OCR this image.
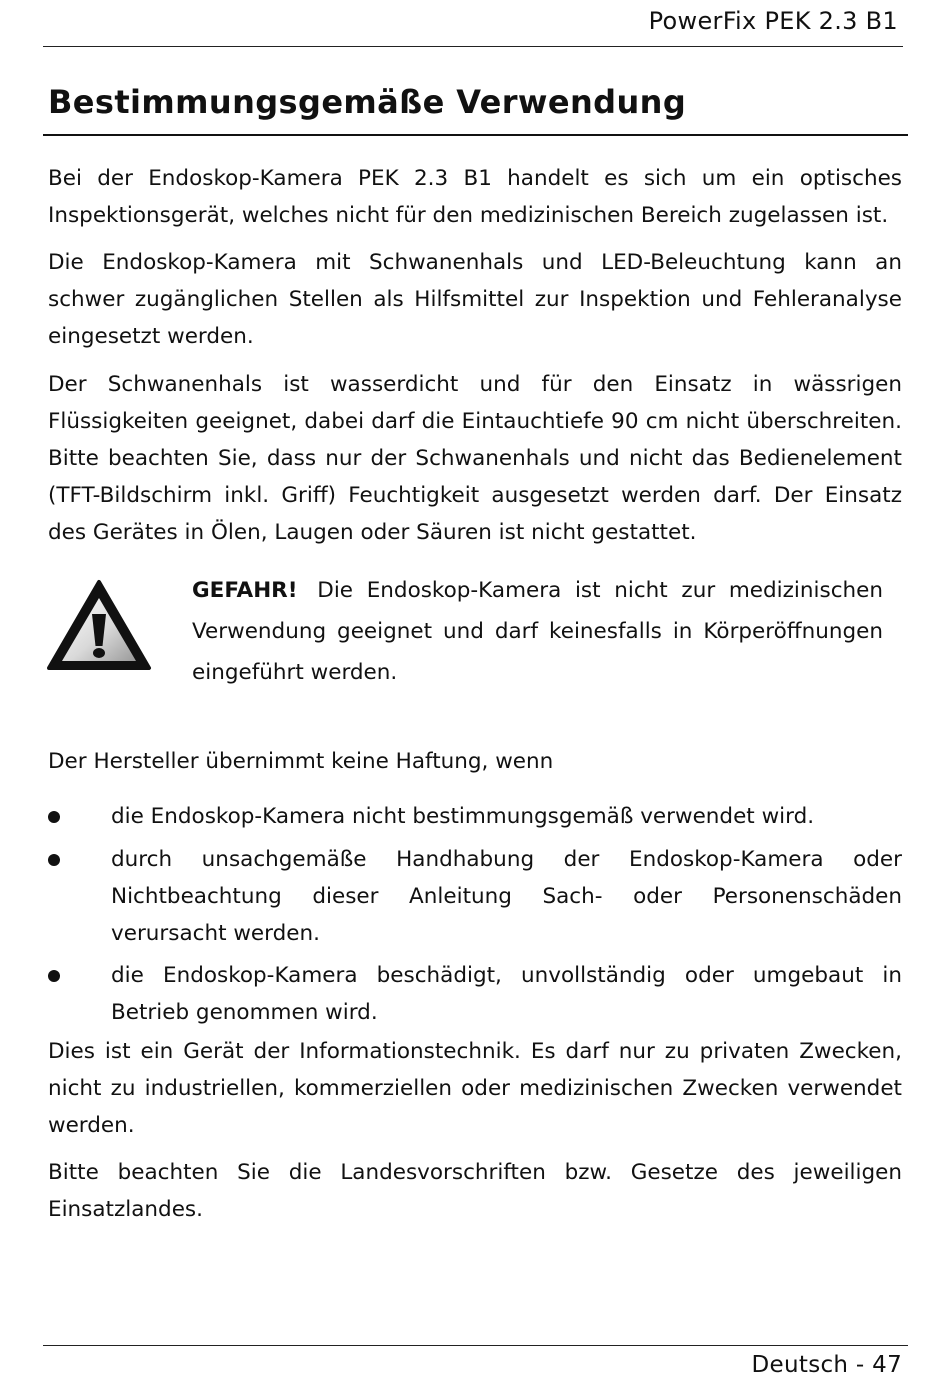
PowerFix PEK 2.3 B1
Bestimmungsgemäße Verwendung

Bei der Endoskop-Kamera PEK 2.3 B1 handelt es sich um ein optisches Inspektionsgerät, welches nicht für den medizinischen Bereich zugelassen ist.

Die Endoskop-Kamera mit Schwanenhals und LED-Beleuchtung kann an schwer zugänglichen Stellen als Hilfsmittel zur Inspektion und Fehleranalyse eingesetzt werden.

Der Schwanenhals ist wasserdicht und für den Einsatz in wässrigen Flüssigkeiten geeignet, dabei darf die Eintauchtiefe 90 cm nicht überschreiten. Bitte beachten Sie, dass nur der Schwanenhals und nicht das Bedienelement (TFT-Bildschirm inkl. Griff) Feuchtigkeit ausgesetzt werden darf. Der Einsatz des Gerätes in Ölen, Laugen oder Säuren ist nicht gestattet.

GEFAHR! Die Endoskop-Kamera ist nicht zur medizinischen Verwendung geeignet und darf keinesfalls in Körperöffnungen eingeführt werden.

Der Hersteller übernimmt keine Haftung, wenn

die Endoskop-Kamera nicht bestimmungsgemäß verwendet wird.
durch unsachgemäße Handhabung der Endoskop-Kamera oder Nichtbeachtung dieser Anleitung Sach- oder Personenschäden verursacht werden.
die Endoskop-Kamera beschädigt, unvollständig oder umgebaut in Betrieb genommen wird.

Dies ist ein Gerät der Informationstechnik. Es darf nur zu privaten Zwecken, nicht zu industriellen, kommerziellen oder medizinischen Zwecken verwendet werden.

Bitte beachten Sie die Landesvorschriften bzw. Gesetze des jeweiligen Einsatzlandes.

Deutsch - 47
